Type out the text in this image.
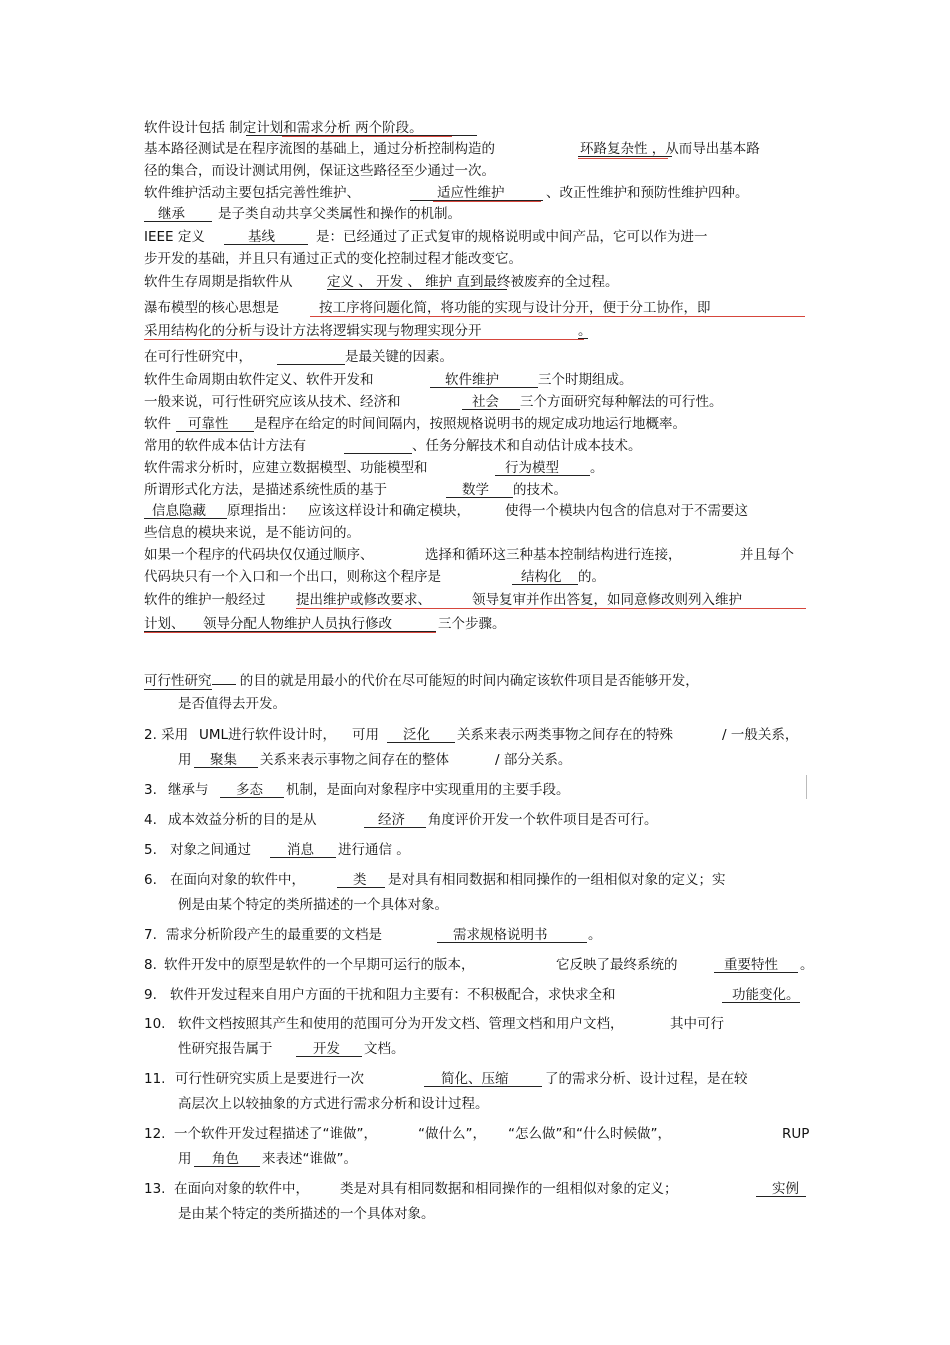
软件设计包括 制定计划和需求分析 两个阶段。
基本路径测试是在程序流图的基础上，通过分析控制构造的	环路复杂性 ，从而导出基本路
径的集合，而设计测试用例，保证这些路径至少通过一次。
软件维护活动主要包括完善性维护、	适应性维护	、改正性维护和预防性维护四种。
继承 是子类自动共享父类属性和操作的机制。
IEEE 定义	基线	是：已经通过了正式复审的规格说明或中间产品，它可以作为进一
步开发的基础，并且只有通过正式的变化控制过程才能改变它。
软件生存周期是指软件从	定义 、 开发 、 维护 直到最终被废弃的全过程。
瀑布模型的核心思想是	按工序将问题化简，将功能的实现与设计分开，便于分工协作，即
采用结构化的分析与设计方法将逻辑实现与物理实现分开	。
在可行性研究中，	是最关键的因素。
软件生命周期由软件定义、软件开发和	软件维护	三个时期组成。
一般来说，可行性研究应该从技术、经济和	社会 三个方面研究每种解法的可行性。
软件 可靠性 是程序在给定的时间间隔内，按照规格说明书的规定成功地运行地概率。
常用的软件成本估计方法有	、任务分解技术和自动估计成本技术。
软件需求分析时，应建立数据模型、功能模型和	行为模型 。
所谓形式化方法，是描述系统性质的基于	数学 的技术。
信息隐藏 原理指出： 应该这样设计和确定模块，	使得一个模块内包含的信息对于不需要这
些信息的模块来说，是不能访问的。
如果一个程序的代码块仅仅通过顺序、	选择和循环这三种基本控制结构进行连接，	并且每个
代码块只有一个入口和一个出口，则称这个程序是	结构化 的。
软件的维护一般经过 提出维护或修改要求、	领导复审并作出答复，如同意修改则列入维护
计划、 领导分配人物维护人员执行修改	三个步骤。
可行性研究 的目的就是用最小的代价在尽可能短的时间内确定该软件项目是否能够开发，
是否值得去开发。
2. 采用 UML进行软件设计时， 可用 泛化 关系来表示两类事物之间存在的特殊	/ 一般关系，
用 聚集 关系来表示事物之间存在的整体	/ 部分关系。
3. 继承与 多态 机制，是面向对象程序中实现重用的主要手段。
4. 成本效益分析的目的是从	经济 角度评价开发一个软件项目是否可行。
5. 对象之间通过	消息 进行通信 。
6. 在面向对象的软件中，	类 是对具有相同数据和相同操作的一组相似对象的定义；实
例是由某个特定的类所描述的一个具体对象。
7. 需求分析阶段产生的最重要的文档是	需求规格说明书	。
8. 软件开发中的原型是软件的一个早期可运行的版本，	它反映了最终系统的	重要特性 。
9. 软件开发过程来自用户方面的干扰和阻力主要有：不积极配合，求快求全和	功能变化。
10. 软件文档按照其产生和使用的范围可分为开发文档、管理文档和用户文档，	其中可行
性研究报告属于	开发 文档。
11. 可行性研究实质上是要进行一次	简化、压缩	了的需求分析、设计过程，是在较
高层次上以较抽象的方式进行需求分析和设计过程。
12. 一个软件开发过程描述了“谁做”，	“做什么”， “怎么做”和“什么时候做”，	RUP
用 角色 来表述“谁做”。
13. 在面向对象的软件中， 类是对具有相同数据和相同操作的一组相似对象的定义；	实例
是由某个特定的类所描述的一个具体对象。
